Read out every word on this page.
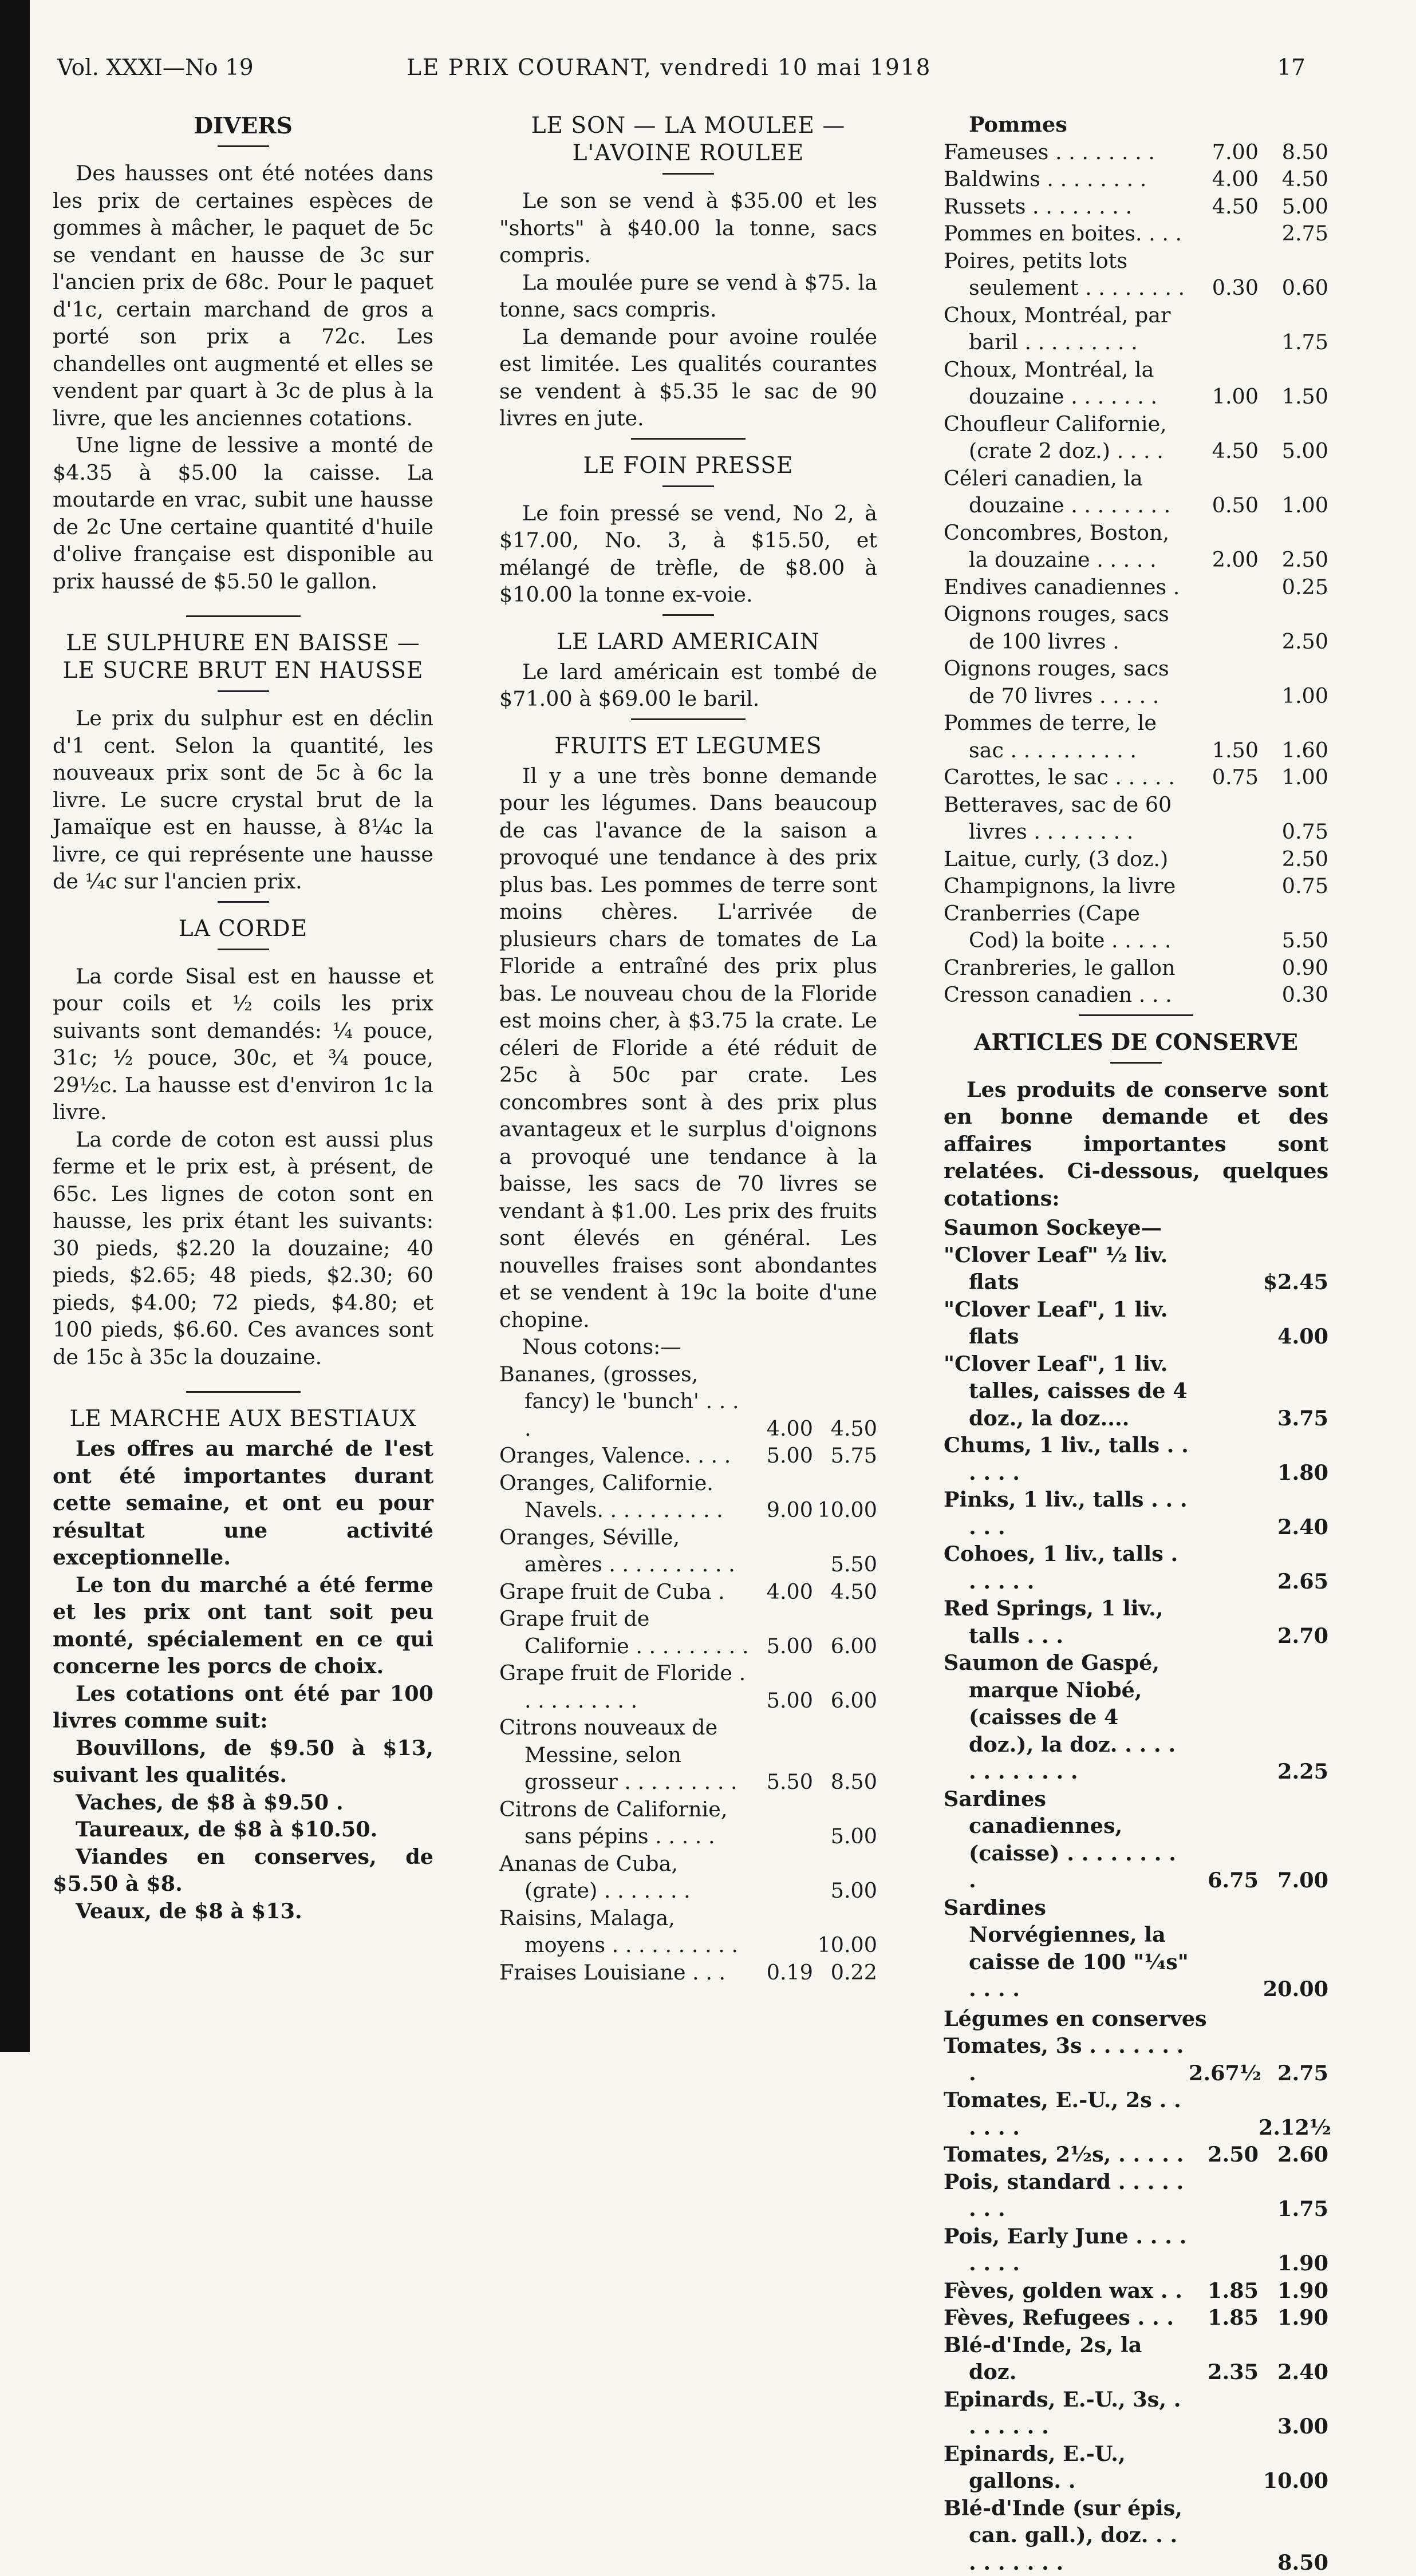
Vol. XXXI—No 19	LE PRIX COURANT, vendredi 10 mai 1918	17
DIVERS

Des hausses ont été notées dans les prix de certaines espèces de gommes à mâcher, le paquet de 5c se vendant en hausse de 3c sur l'ancien prix de 68c. Pour le paquet d'1c, certain marchand de gros a porté son prix a 72c. Les chandelles ont augmenté et elles se vendent par quart à 3c de plus à la livre, que les anciennes cotations.

Une ligne de lessive a monté de $4.35 à $5.00 la caisse. La moutarde en vrac, subit une hausse de 2c Une certaine quantité d'huile d'olive française est disponible au prix haussé de $5.50 le gallon.

LE SULPHURE EN BAISSE — LE SUCRE BRUT EN HAUSSE

Le prix du sulphur est en déclin d'1 cent. Selon la quantité, les nouveaux prix sont de 5c à 6c la livre. Le sucre crystal brut de la Jamaïque est en hausse, à 8¼c la livre, ce qui représente une hausse de ¼c sur l'ancien prix.

LA CORDE

La corde Sisal est en hausse et pour coils et ½ coils les prix suivants sont demandés: ¼ pouce, 31c; ½ pouce, 30c, et ¾ pouce, 29½c. La hausse est d'environ 1c la livre.

La corde de coton est aussi plus ferme et le prix est, à présent, de 65c. Les lignes de coton sont en hausse, les prix étant les suivants: 30 pieds, $2.20 la douzaine; 40 pieds, $2.65; 48 pieds, $2.30; 60 pieds, $4.00; 72 pieds, $4.80; et 100 pieds, $6.60. Ces avances sont de 15c à 35c la douzaine.

LE MARCHE AUX BESTIAUX

Les offres au marché de l'est ont été importantes durant cette semaine, et ont eu pour résultat une activité exceptionnelle.

Le ton du marché a été ferme et les prix ont tant soit peu monté, spécialement en ce qui concerne les porcs de choix.

Les cotations ont été par 100 livres comme suit:

Bouvillons, de $9.50 à $13, suivant les qualités.

Vaches, de $8 à $9.50 .

Taureaux, de $8 à $10.50.

Viandes en conserves, de $5.50 à $8.

Veaux, de $8 à $13.

LE SON — LA MOULEE — L'AVOINE ROULEE

Le son se vend à $35.00 et les "shorts" à $40.00 la tonne, sacs compris.

La moulée pure se vend à $75. la tonne, sacs compris.

La demande pour avoine roulée est limitée. Les qualités courantes se vendent à $5.35 le sac de 90 livres en jute.

LE FOIN PRESSE

Le foin pressé se vend, No 2, à $17.00, No. 3, à $15.50, et mélangé de trèfle, de $8.00 à $10.00 la tonne ex-voie.

LE LARD AMERICAIN

Le lard américain est tombé de $71.00 à $69.00 le baril.

FRUITS ET LEGUMES

Il y a une très bonne demande pour les légumes. Dans beaucoup de cas l'avance de la saison a provoqué une tendance à des prix plus bas. Les pommes de terre sont moins chères. L'arrivée de plusieurs chars de tomates de La Floride a entraîné des prix plus bas. Le nouveau chou de la Floride est moins cher, à $3.75 la crate. Le céleri de Floride a été réduit de 25c à 50c par crate. Les concombres sont à des prix plus avantageux et le surplus d'oignons a provoqué une tendance à la baisse, les sacs de 70 livres se vendant à $1.00. Les prix des fruits sont élevés en général. Les nouvelles fraises sont abondantes et se vendent à 19c la boite d'une chopine.

Nous cotons:—

Bananes, (grosses, fancy) le 'bunch' . . . .	4.00 4.50
Oranges, Valence. . . .	5.00 5.75
Oranges, Californie. Navels. . . . . . . . . .	9.00 10.00
Oranges, Séville, amères . . . . . . . . . .	5.50
Grape fruit de Cuba .	4.00 4.50
Grape fruit de Californie . . . . . . . . . 5.00 6.00
Grape fruit de Floride . . . . . . . . . .	5.00 6.00
Citrons nouveaux de Messine, selon grosseur . . . . . . . . .	5.50 8.50
Citrons de Californie, sans pépins . . . . .	5.00
Ananas de Cuba, (grate) . . . . . . .	5.00
Raisins, Malaga, moyens . . . . . . . . . .	10.00
Fraises Louisiane . . .	0.19 0.22
Pommes
Fameuses . . . . . . . .	7.00	8.50
Baldwins . . . . . . . .	4.00	4.50
Russets . . . . . . . .	4.50	5.00
Pommes en boites. . . .	2.75
Poires, petits lots seulement . . . . . . . .	0.30	0.60
Choux, Montréal, par baril . . . . . . . . .	1.75
Choux, Montréal, la douzaine . . . . . . .	1.00	1.50
Choufleur Californie, (crate 2 doz.) . . . .	4.50	5.00
Céleri canadien, la douzaine . . . . . . . .	0.50	1.00
Concombres, Boston, la douzaine . . . . .	2.00	2.50
Endives canadiennes .	0.25
Oignons rouges, sacs de 100 livres .	2.50
Oignons rouges, sacs de 70 livres . . . . .	1.00
Pommes de terre, le sac . . . . . . . . . .	1.50	1.60
Carottes, le sac . . . . .	0.75	1.00
Betteraves, sac de 60 livres . . . . . . . .	0.75
Laitue, curly, (3 doz.)	2.50
Champignons, la livre	0.75
Cranberries (Cape Cod) la boite . . . . .	5.50
Cranbreries, le gallon	0.90
Cresson canadien . . .	0.30
ARTICLES DE CONSERVE

Les produits de conserve sont en bonne demande et des affaires importantes sont relatées. Ci-dessous, quelques cotations:

Saumon Sockeye—
"Clover Leaf" ½ liv. flats	$2.45
"Clover Leaf", 1 liv. flats	4.00
"Clover Leaf", 1 liv. talles, caisses de 4 doz., la doz....	3.75
Chums, 1 liv., talls . . . . . .	1.80
Pinks, 1 liv., talls . . . . . .	2.40
Cohoes, 1 liv., talls . . . . . .	2.65
Red Springs, 1 liv., talls . . .	2.70
Saumon de Gaspé, marque Niobé, (caisses de 4 doz.), la doz. . . . . . . . . . . . .	2.25
Sardines canadiennes, (caisse) . . . . . . . . .	6.75 7.00
Sardines Norvégiennes, la caisse de 100 "¼s" . . . .	20.00
Légumes en conserves
Tomates, 3s . . . . . . . .	2.67½ 2.75
Tomates, E.-U., 2s . . . . . .	2.12½
Tomates, 2½s, . . . . .	2.50 2.60
Pois, standard . . . . . . . .	1.75
Pois, Early June . . . . . . . .	1.90
Fèves, golden wax . .	1.85 1.90
Fèves, Refugees . . .	1.85 1.90
Blé-d'Inde, 2s, la doz.	2.35 2.40
Epinards, E.-U., 3s, . . . . . . .	3.00
Epinards, E.-U., gallons. .	10.00
Blé-d'Inde (sur épis, can. gall.), doz. . . . . . . . . .	8.50
